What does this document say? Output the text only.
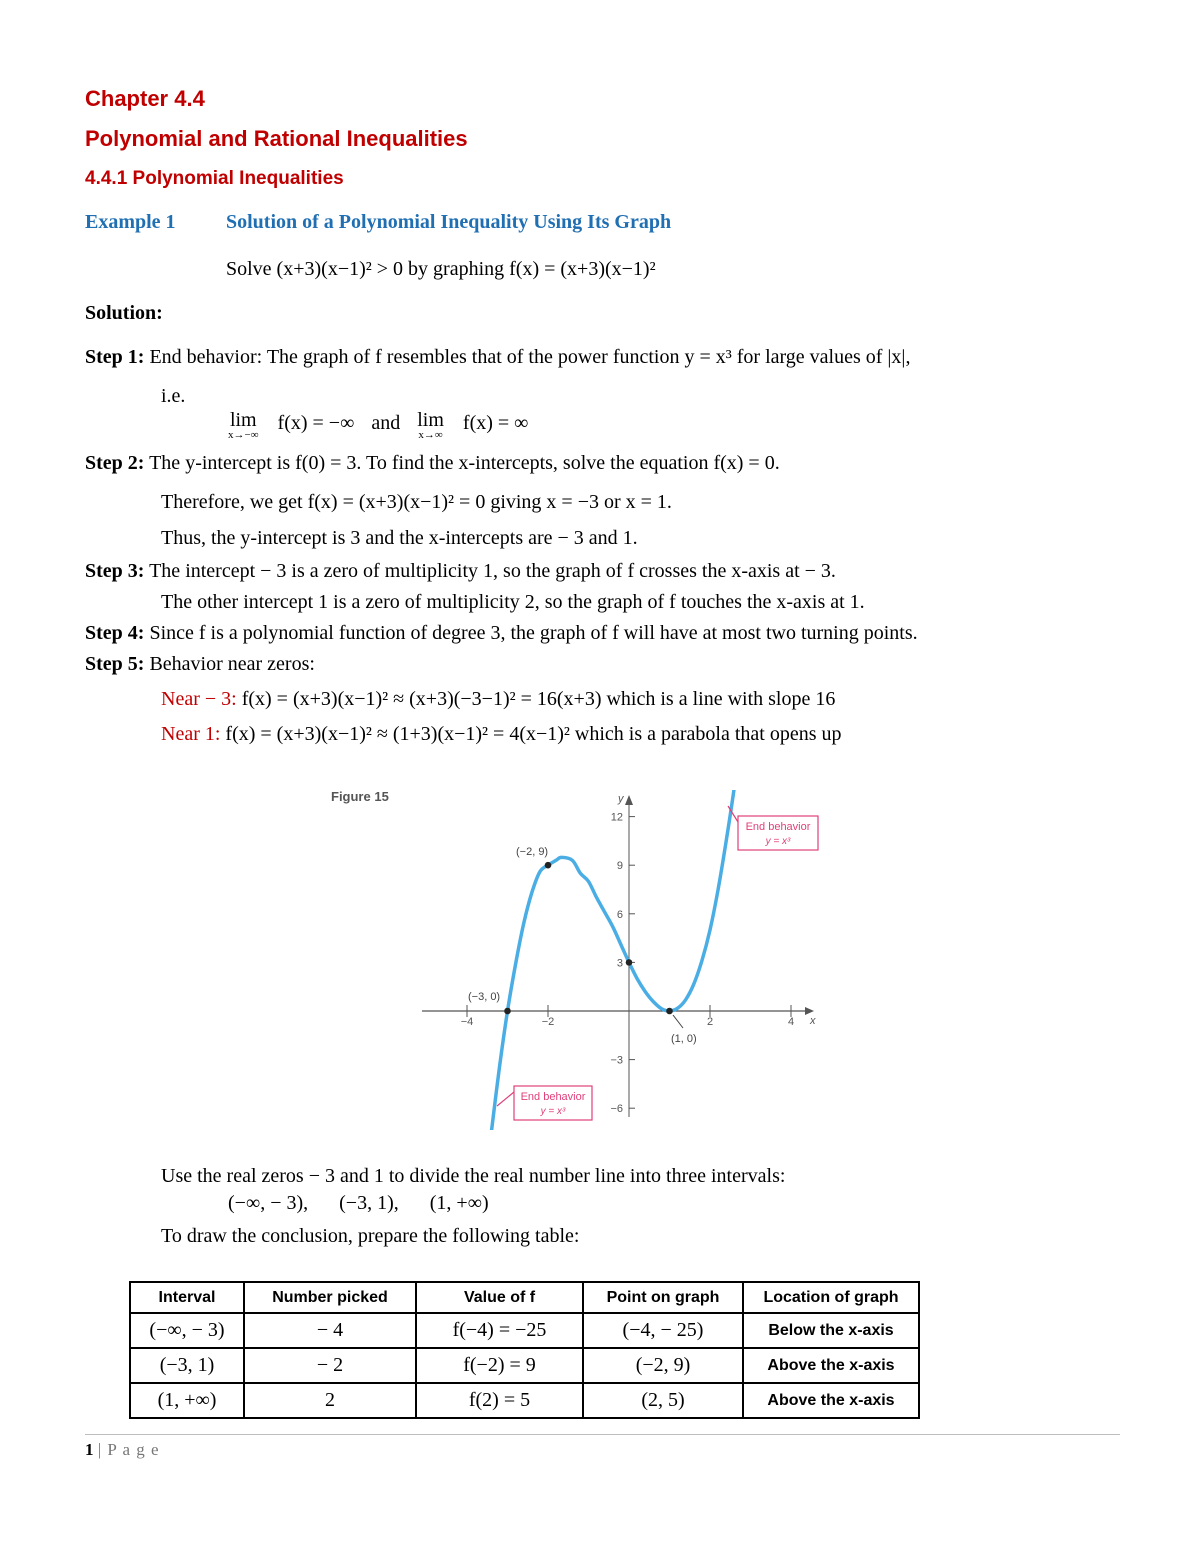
Chapter 4.4
Polynomial and Rational Inequalities
4.4.1 Polynomial Inequalities
Example 1	Solution of a Polynomial Inequality Using Its Graph
Solve (x+3)(x−1)² > 0 by graphing f(x) = (x+3)(x−1)²
Solution:
Step 1: End behavior: The graph of f resembles that of the power function y = x³ for large values of |x|,
i.e.
lim
x→−∞
f(x) = −∞ and lim
x→∞
f(x) = ∞
Step 2: The y-intercept is f(0) = 3. To find the x-intercepts, solve the equation f(x) = 0.
Therefore, we get f(x) = (x+3)(x−1)² = 0 giving x = −3 or x = 1.
Thus, the y-intercept is 3 and the x-intercepts are − 3 and 1.
Step 3: The intercept − 3 is a zero of multiplicity 1, so the graph of f crosses the x-axis at − 3.
The other intercept 1 is a zero of multiplicity 2, so the graph of f touches the x-axis at 1.
Step 4: Since f is a polynomial function of degree 3, the graph of f will have at most two turning points.
Step 5: Behavior near zeros:
Near − 3: f(x) = (x+3)(x−1)² ≈ (x+3)(−3−1)² = 16(x+3) which is a line with slope 16
Near 1: f(x) = (x+3)(x−1)² ≈ (1+3)(x−1)² = 4(x−1)² which is a parabola that opens up
Figure 15
x
y
−4	−2	2	4
12
9
6
3
−3
−6
(−2, 9)
(−3, 0)
(1, 0)
End behavior
y = x³
End behavior
y = x³
Use the real zeros − 3 and 1 to divide the real number line into three intervals:
(−∞, − 3), (−3, 1), (1, +∞)
To draw the conclusion, prepare the following table:
Interval	Number picked	Value of f	Point on graph	Location of graph
(−∞, − 3)	− 4	f(−4) = −25	(−4, − 25)	Below the x-axis
(−3, 1)	− 2	f(−2) = 9	(−2, 9)	Above the x-axis
(1, +∞)	2	f(2) = 5	(2, 5)	Above the x-axis
1 | P a g e
